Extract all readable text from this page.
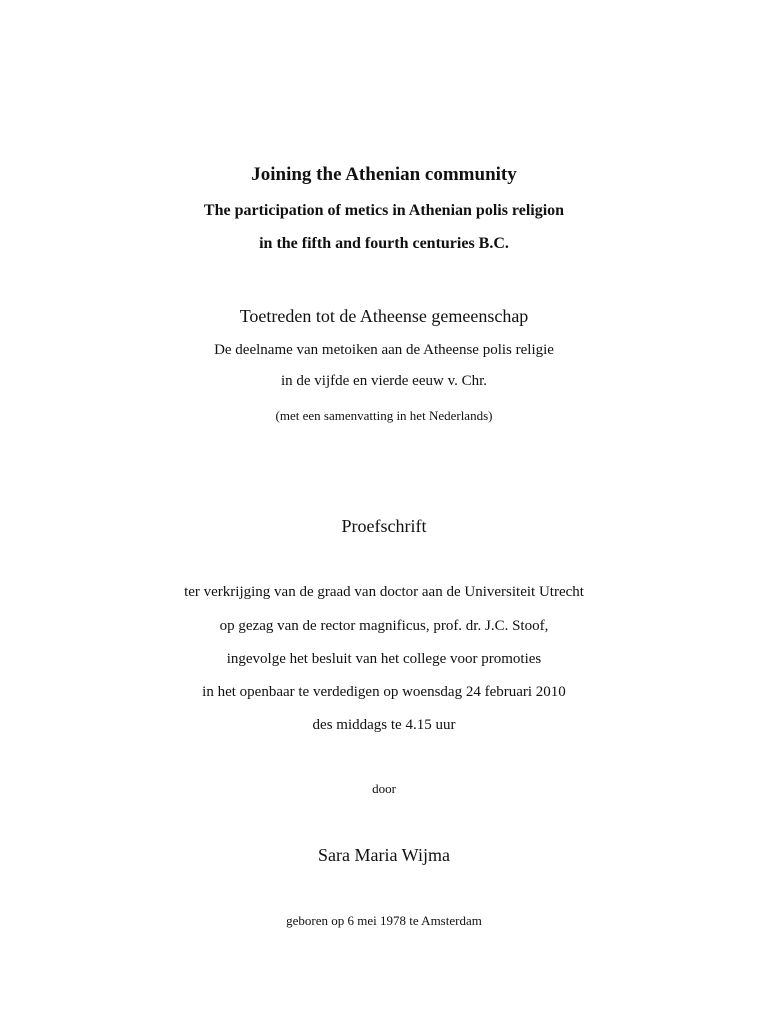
Joining the Athenian community
The participation of metics in Athenian polis religion
in the fifth and fourth centuries B.C.
Toetreden tot de Atheense gemeenschap
De deelname van metoiken aan de Atheense polis religie
in de vijfde en vierde eeuw v. Chr.
(met een samenvatting in het Nederlands)
Proefschrift
ter verkrijging van de graad van doctor aan de Universiteit Utrecht
op gezag van de rector magnificus, prof. dr. J.C. Stoof,
ingevolge het besluit van het college voor promoties
in het openbaar te verdedigen op woensdag 24 februari 2010
des middags te 4.15 uur
door
Sara Maria Wijma
geboren op 6 mei 1978 te Amsterdam
